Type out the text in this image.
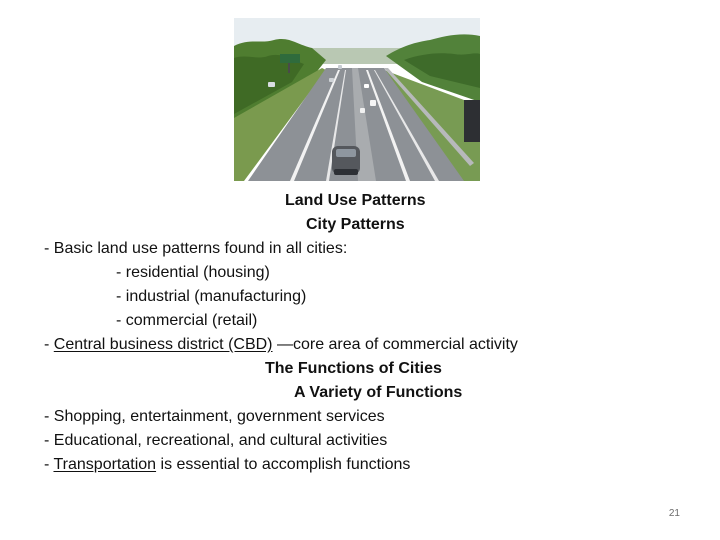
Land Use Patterns
City Patterns
- Basic land use patterns found in all cities:
- residential (housing)
- industrial (manufacturing)
- commercial (retail)
- Central business district (CBD) —core area of commercial activity
The Functions of Cities
A Variety of Functions
- Shopping, entertainment, government services
- Educational, recreational, and cultural activities
- Transportation is essential to accomplish functions
21
